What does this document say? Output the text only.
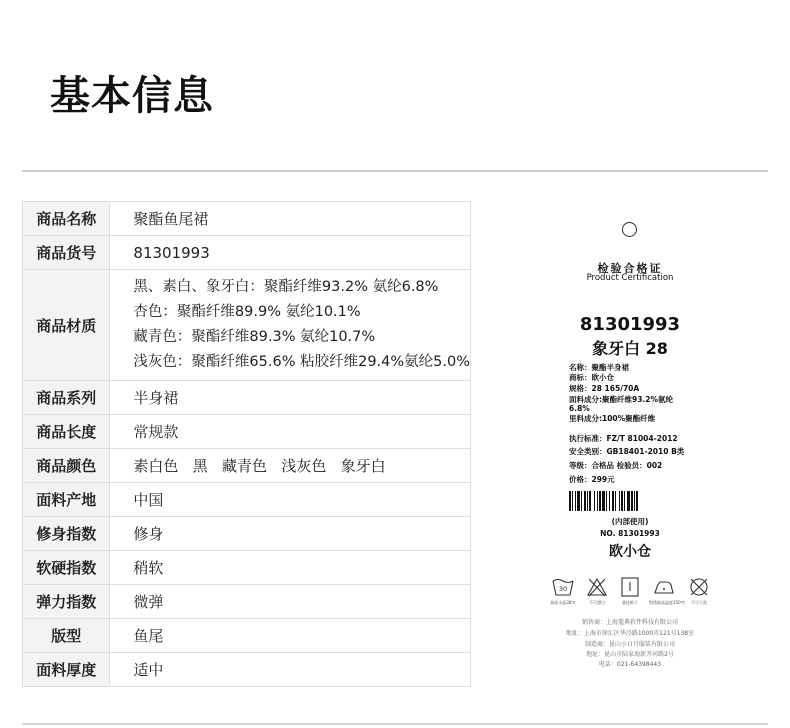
基本信息
商品名称	聚酯鱼尾裙
商品货号	81301993
商品材质	黑、素白、象牙白：聚酯纤维93.2% 氨纶6.8%
杏色：聚酯纤维89.9% 氨纶10.1%
藏青色：聚酯纤维89.3% 氨纶10.7%
浅灰色：聚酯纤维65.6% 粘胶纤维29.4%氨纶5.0%

商品系列	半身裙
商品长度	常规款
商品颜色	素白色   黑   藏青色   浅灰色   象牙白
面料产地	中国
修身指数	修身
软硬指数	稍软
弹力指数	微弹
版型	鱼尾
面料厚度	适中
检验合格证
Product Certification
81301993
象牙白 28
名称：聚酯半身裙
商标：欧小仓
规格：28 165/70A
面料成分:聚酯纤维93.2%氨纶
6.8%
里料成分:100%聚酯纤维
执行标准：FZ/T 81004-2012
安全类别：GB18401-2010 B类
等级：合格品 检验员：002
价格：299元
(内部使用)
NO. 81301993
欧小仓
30
最高水温30℃	不可漂白	悬挂晾干	熨烫最高温度150℃	不可干洗
销售商：上海蔻典软件科技有限公司
地址：上海市徐汇区华泾路1000弄121号138室
制造商：昆山小日月服装有限公司
地址：昆山市陆家海新开河路2号
电话：021-64398443
